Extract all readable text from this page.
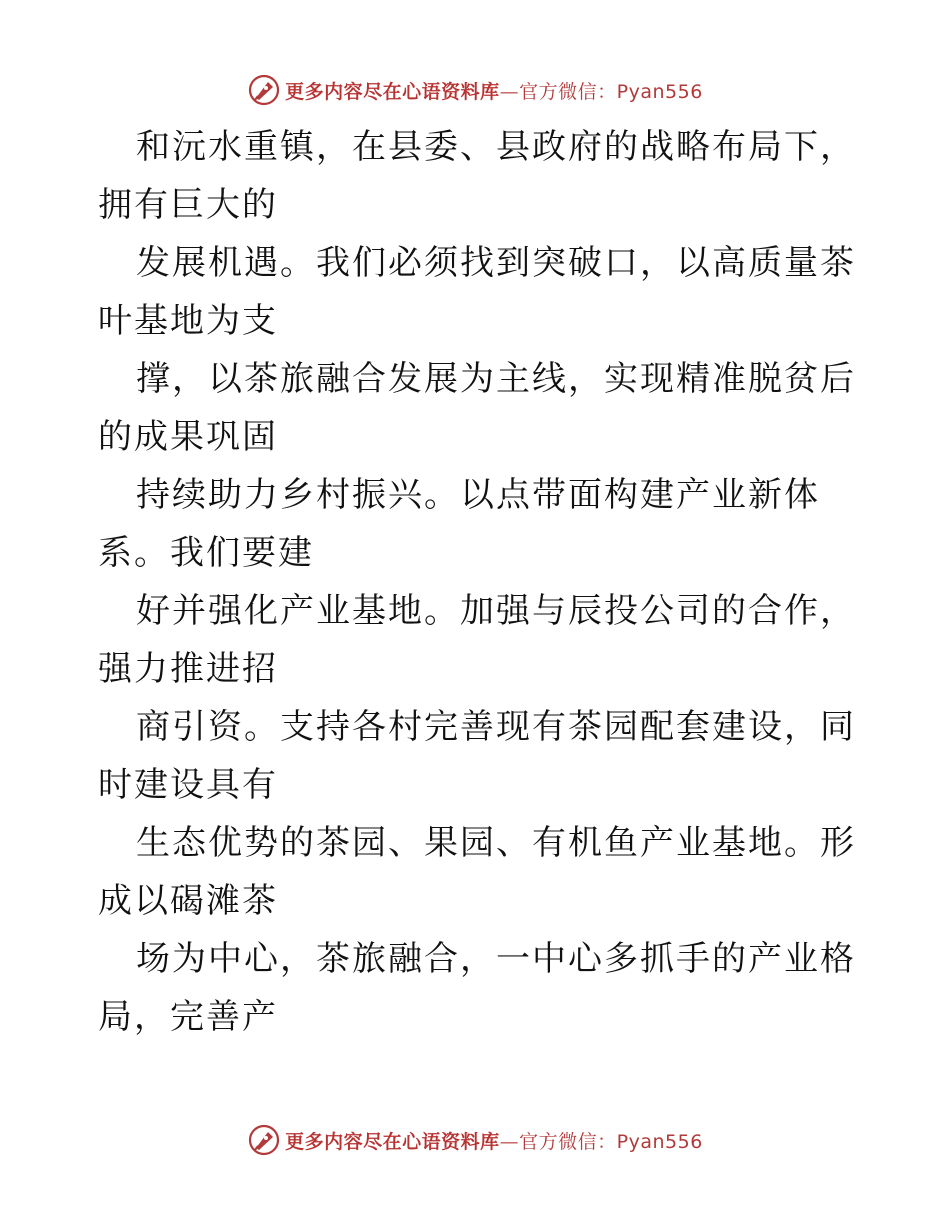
更多内容尽在心语资料库—官方微信：Pyan556

和沅水重镇，在县委、县政府的战略布局下，拥有巨大的

发展机遇。我们必须找到突破口，以高质量茶叶基地为支

撑，以茶旅融合发展为主线，实现精准脱贫后的成果巩固

持续助力乡村振兴。以点带面构建产业新体系。我们要建

好并强化产业基地。加强与辰投公司的合作，强力推进招

商引资。支持各村完善现有茶园配套建设，同时建设具有

生态优势的茶园、果园、有机鱼产业基地。形成以碣滩茶

场为中心，茶旅融合，一中心多抓手的产业格局，完善产

更多内容尽在心语资料库—官方微信：Pyan556
